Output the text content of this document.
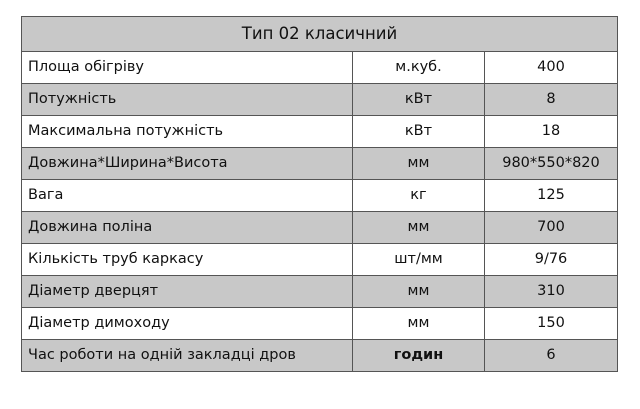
Тип 02 класичний		
Площа обігріву	м.куб.	400
Потужність	кВт	8
Максимальна потужність	кВт	18
Довжина*Ширина*Висота	мм	980*550*820
Вага	кг	125
Довжина поліна	мм	700
Кількість труб каркасу	шт/мм	9/76
Діаметр дверцят	мм	310
Діаметр димоходу	мм	150
Час роботи на одній закладці дров	годин	6
